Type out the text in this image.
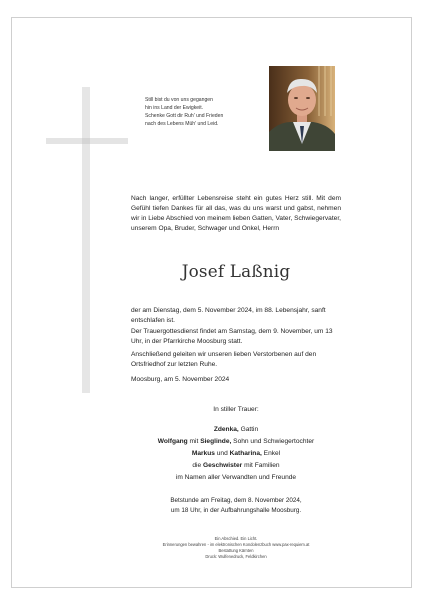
Still bist du von uns gegangen
hin ins Land der Ewigkeit.
Schenke Gott dir Ruh' und Frieden
nach des Lebens Müh' und Leid.
Nach langer, erfüllter Lebensreise steht ein gutes Herz still. Mit dem Gefühl tiefen Dankes für all das, was du uns warst und gabst, nehmen wir in Liebe Abschied von meinem lieben Gatten, Vater, Schwiegervater, unserem Opa, Bruder, Schwager und Onkel, Herrn
Josef Laßnig
der am Dienstag, dem 5. November 2024, im 88. Lebensjahr, sanft entschlafen ist.
Der Trauergottesdienst findet am Samstag, dem 9. November, um 13 Uhr, in der Pfarrkirche Moosburg statt.
Anschließend geleiten wir unseren lieben Verstorbenen auf den Ortsfriedhof zur letzten Ruhe.
Moosburg, am 5. November 2024
In stiller Trauer:
Zdenka, Gattin
Wolfgang mit Sieglinde, Sohn und Schwiegertochter
Markus und Katharina, Enkel
die Geschwister mit Familien
im Namen aller Verwandten und Freunde
Betstunde am Freitag, dem 8. November 2024,
um 18 Uhr, in der Aufbahrungshalle Moosburg.
Ein Abschied. Ein Licht.
Erinnerungen bewahren - im elektronischen Kondolenzbuch www.pax-requiem.at
Bestattung Kärnten
Druck: Wulfenedruck, Feldkirchen
